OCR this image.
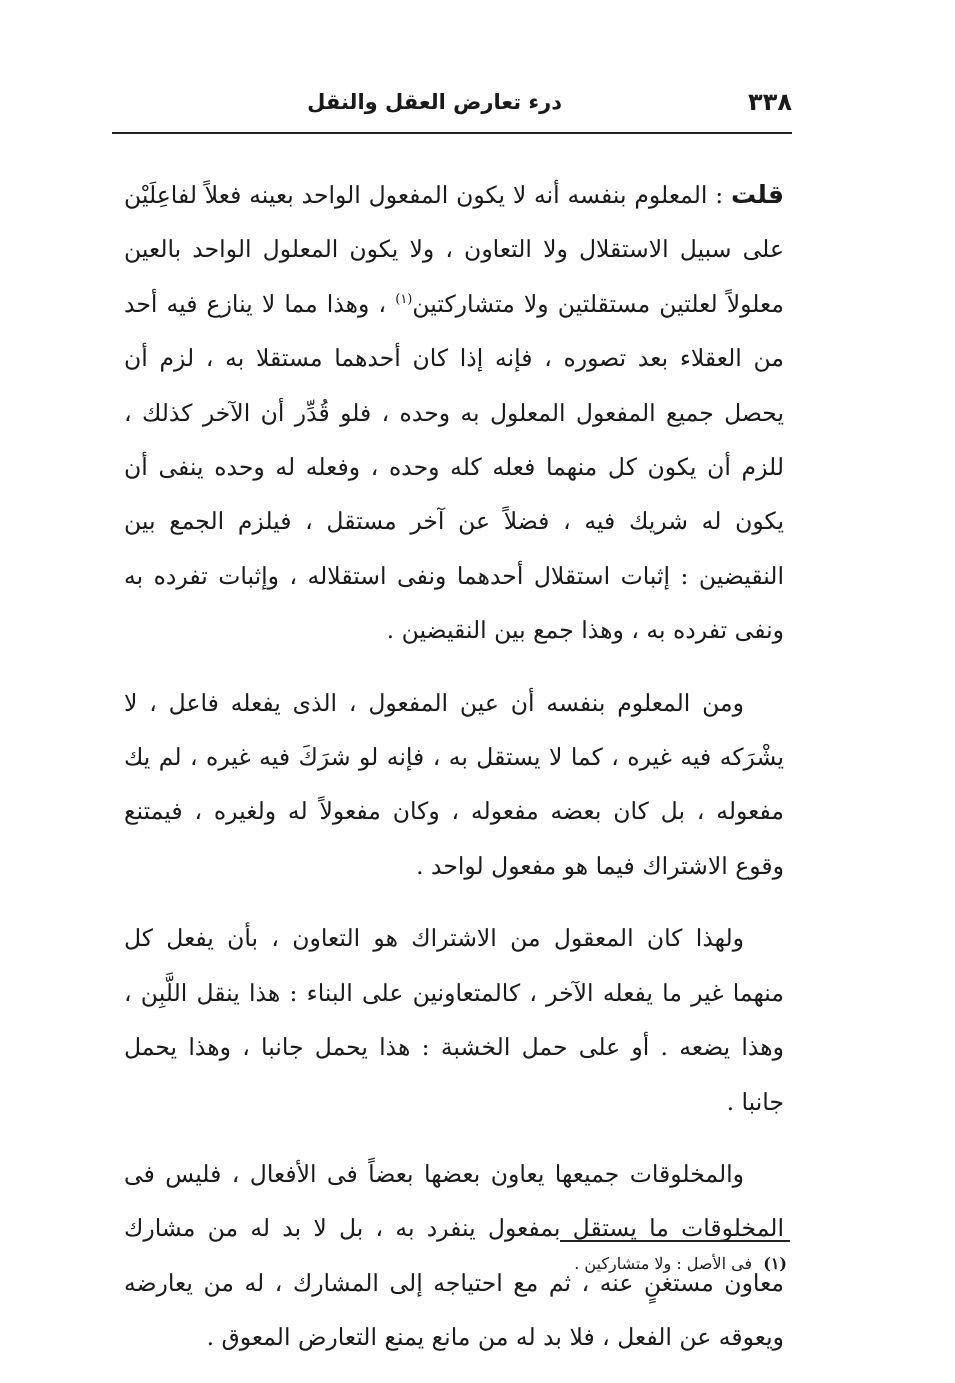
٣٣٨
درء تعارض العقل والنقل

قلت : المعلوم بنفسه أنه لا يكون المفعول الواحد بعينه فعلاً لفاعِلَيْن على سبيل الاستقلال ولا التعاون ، ولا يكون المعلول الواحد بالعين معلولاً لعلتين مستقلتين ولا متشاركتين$^{(١)}$ ، وهذا مما لا ينازع فيه أحد من العقلاء بعد تصوره ، فإنه إذا كان أحدهما مستقلا به ، لزم أن يحصل جميع المفعول المعلول به وحده ، فلو قُدِّر أن الآخر كذلك ، للزم أن يكون كل منهما فعله كله وحده ، وفعله له وحده ينفى أن يكون له شريك فيه ، فضلاً عن آخر مستقل ، فيلزم الجمع بين النقيضين : إثبات استقلال أحدهما ونفى استقلاله ، وإثبات تفرده به ونفى تفرده به ، وهذا جمع بين النقيضين .

ومن المعلوم بنفسه أن عين المفعول ، الذى يفعله فاعل ، لا يشْرَكه فيه غيره ، كما لا يستقل به ، فإنه لو شرَكَ فيه غيره ، لم يك مفعوله ، بل كان بعضه مفعوله ، وكان مفعولاً له ولغيره ، فيمتنع وقوع الاشتراك فيما هو مفعول لواحد .

ولهذا كان المعقول من الاشتراك هو التعاون ، بأن يفعل كل منهما غير ما يفعله الآخر ، كالمتعاونين على البناء : هذا ينقل اللَّبِن ، وهذا يضعه . أو على حمل الخشبة : هذا يحمل جانبا ، وهذا يحمل جانبا .

والمخلوقات جميعها يعاون بعضها بعضاً فى الأفعال ، فليس فى المخلوقات ما يستقل بمفعول ينفرد به ، بل لا بد له من مشارك معاون مستغنٍ عنه ، ثم مع احتياجه إلى المشارك ، له من يعارضه ويعوقه عن الفعل ، فلا بد له من مانع يمنع التعارض المعوق .

(١) فى الأصل : ولا متشاركين .
